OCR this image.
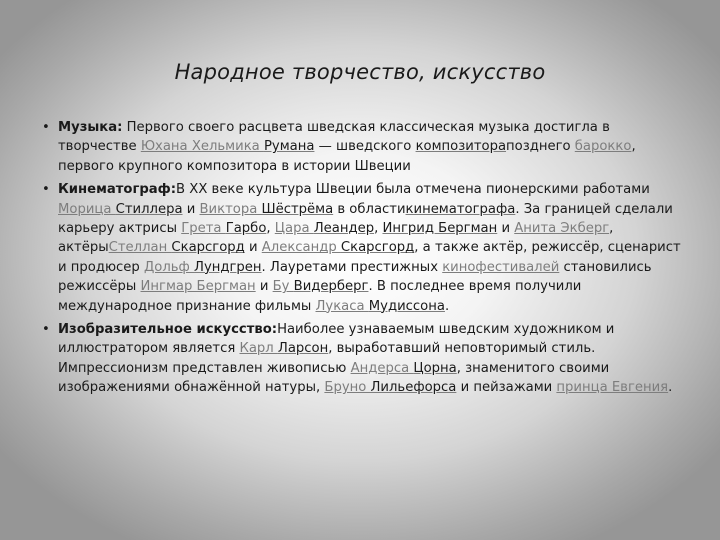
Народное творчество, искусство
• Музыка: Первого своего расцвета шведская классическая музыка достигла в творчестве Юхана Хельмика Румана — шведского композиторапозднего барокко, первого крупного композитора в истории Швеции
• Кинематограф:В XX веке культура Швеции была отмечена пионерскими работами Морица Стиллера и Виктора Шёстрёма в областикинематографа. За границей сделали карьеру актрисы Грета Гарбо, Цара Леандер, Ингрид Бергман и Анита Экберг, актёрыСтеллан Скарсгорд и Александр Скарсгорд, а также актёр, режиссёр, сценарист и продюсер Дольф Лундгрен. Лауретами престижных кинофестивалей становились режиссёры Ингмар Бергман и Бу Видерберг. В последнее время получили международное признание фильмы Лукаса Мудиссона.
• Изобразительное искусство:Наиболее узнаваемым шведским художником и иллюстратором является Карл Ларсон, выработавший неповторимый стиль. Импрессионизм представлен живописью Андерса Цорна, знаменитого своими изображениями обнажённой натуры, Бруно Лильефорса и пейзажами принца Евгения.
